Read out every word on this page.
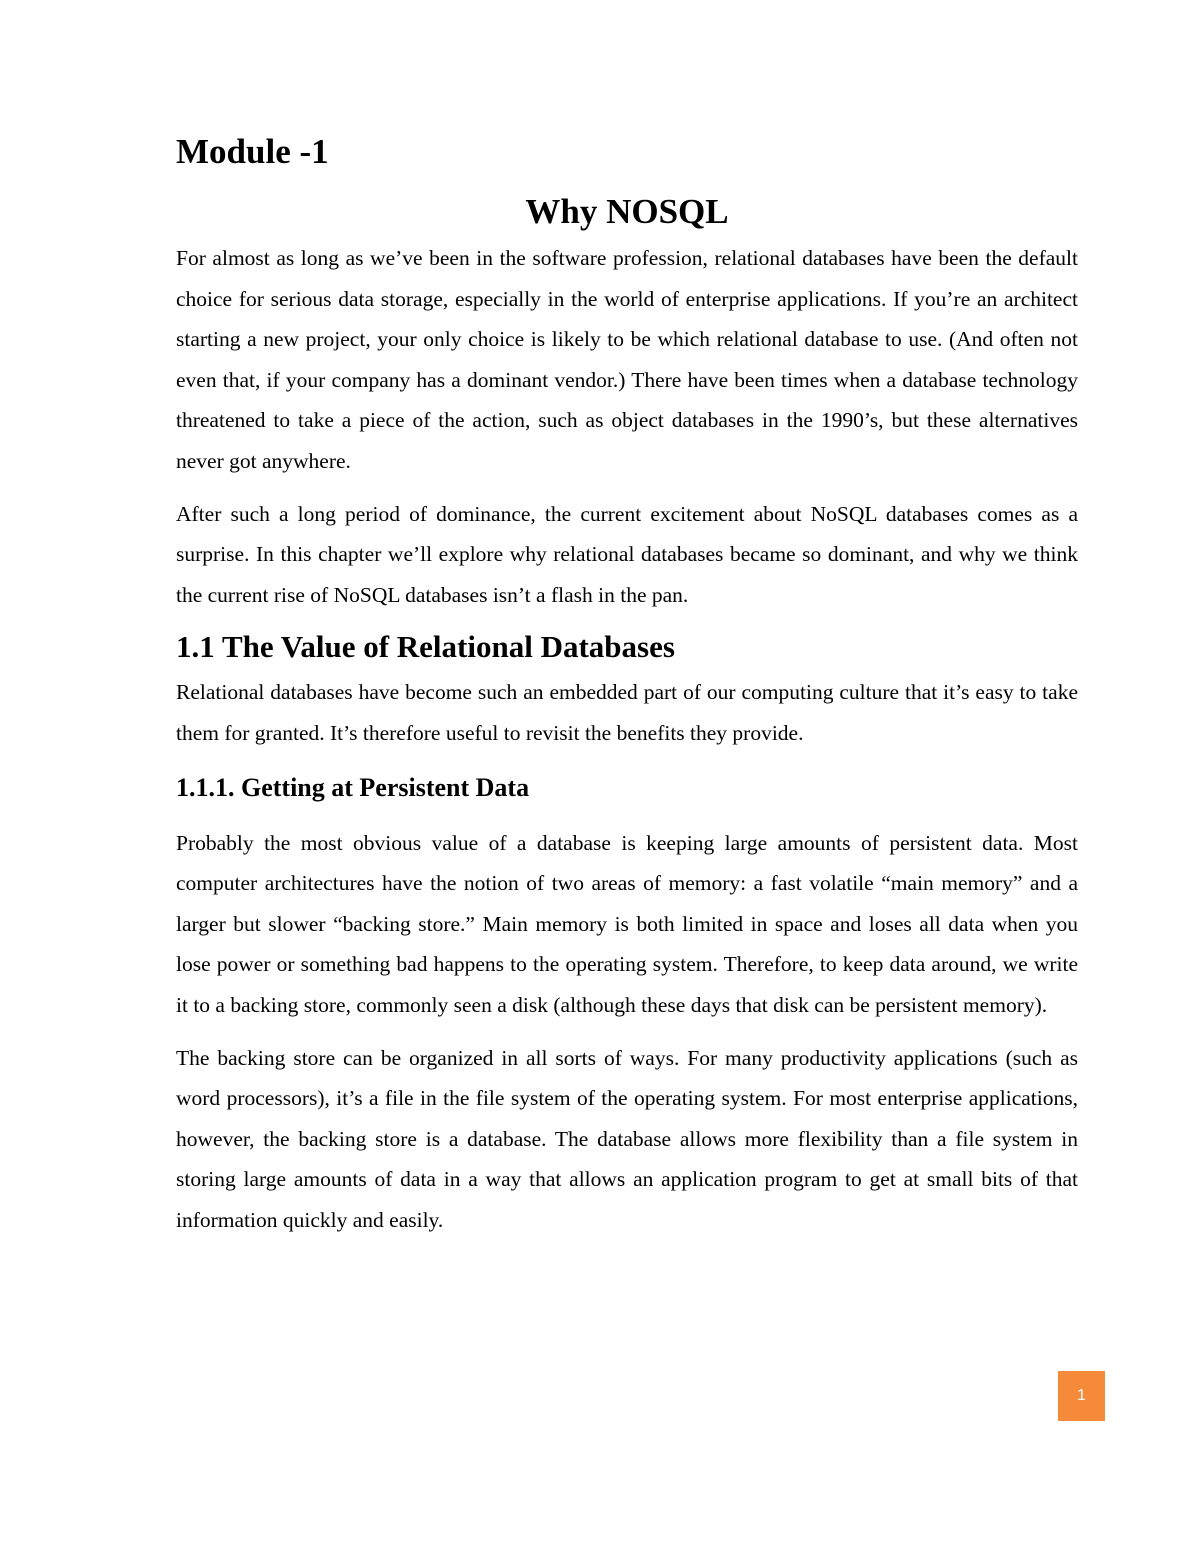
Module -1
Why NOSQL

For almost as long as we’ve been in the software profession, relational databases have been the default choice for serious data storage, especially in the world of enterprise applications. If you’re an architect starting a new project, your only choice is likely to be which relational database to use. (And often not even that, if your company has a dominant vendor.) There have been times when a database technology threatened to take a piece of the action, such as object databases in the 1990’s, but these alternatives never got anywhere.

After such a long period of dominance, the current excitement about NoSQL databases comes as a surprise. In this chapter we’ll explore why relational databases became so dominant, and why we think the current rise of NoSQL databases isn’t a flash in the pan.

1.1 The Value of Relational Databases

Relational databases have become such an embedded part of our computing culture that it’s easy to take them for granted. It’s therefore useful to revisit the benefits they provide.

1.1.1. Getting at Persistent Data

Probably the most obvious value of a database is keeping large amounts of persistent data. Most computer architectures have the notion of two areas of memory: a fast volatile “main memory” and a larger but slower “backing store.” Main memory is both limited in space and loses all data when you lose power or something bad happens to the operating system. Therefore, to keep data around, we write it to a backing store, commonly seen a disk (although these days that disk can be persistent memory).

The backing store can be organized in all sorts of ways. For many productivity applications (such as word processors), it’s a file in the file system of the operating system. For most enterprise applications, however, the backing store is a database. The database allows more flexibility than a file system in storing large amounts of data in a way that allows an application program to get at small bits of that information quickly and easily.

1
